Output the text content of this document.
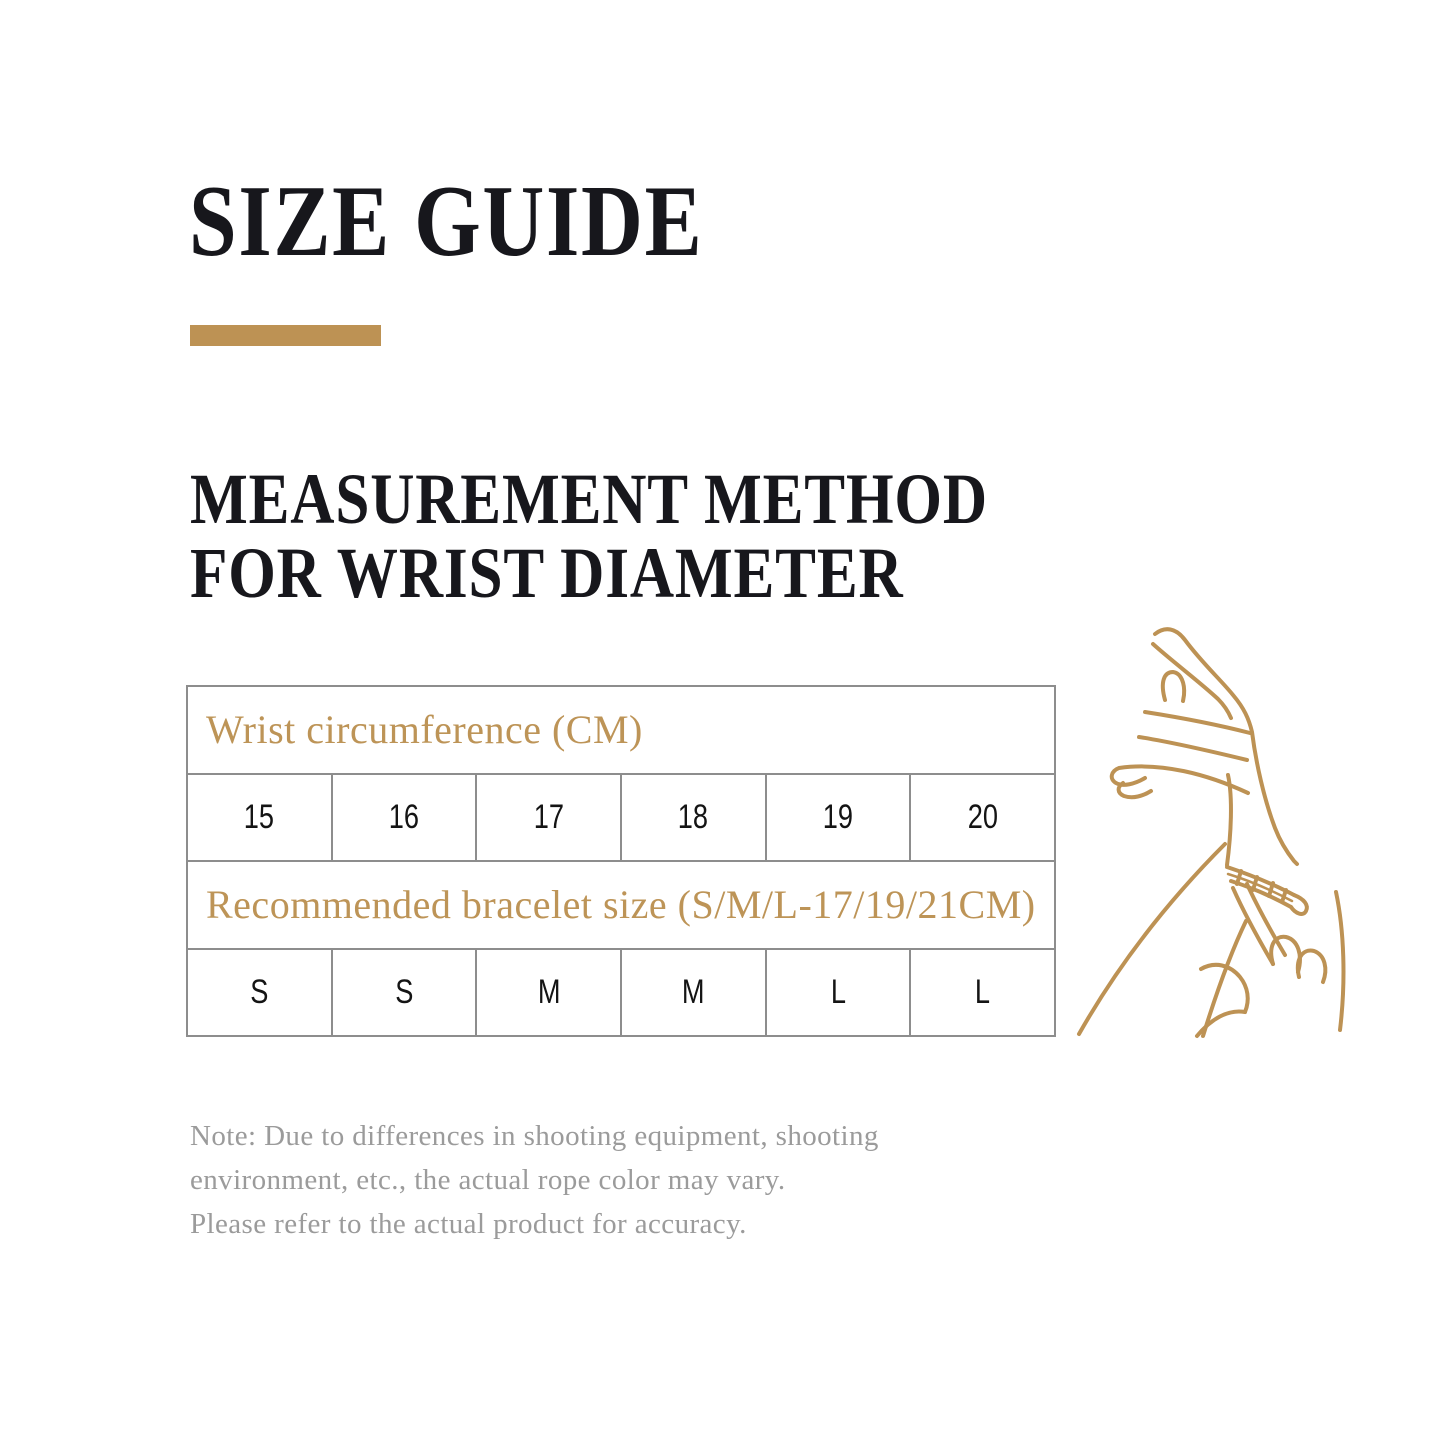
SIZE GUIDE
MEASUREMENT METHOD
FOR WRIST DIAMETER
Wrist circumference (CM)
15	16	17	18	19	20
Recommended bracelet size (S/M/L-17/19/21CM)
S	S	M	M	L	L
Note: Due to differences in shooting equipment, shooting
environment, etc., the actual rope color may vary.
Please refer to the actual product for accuracy.
